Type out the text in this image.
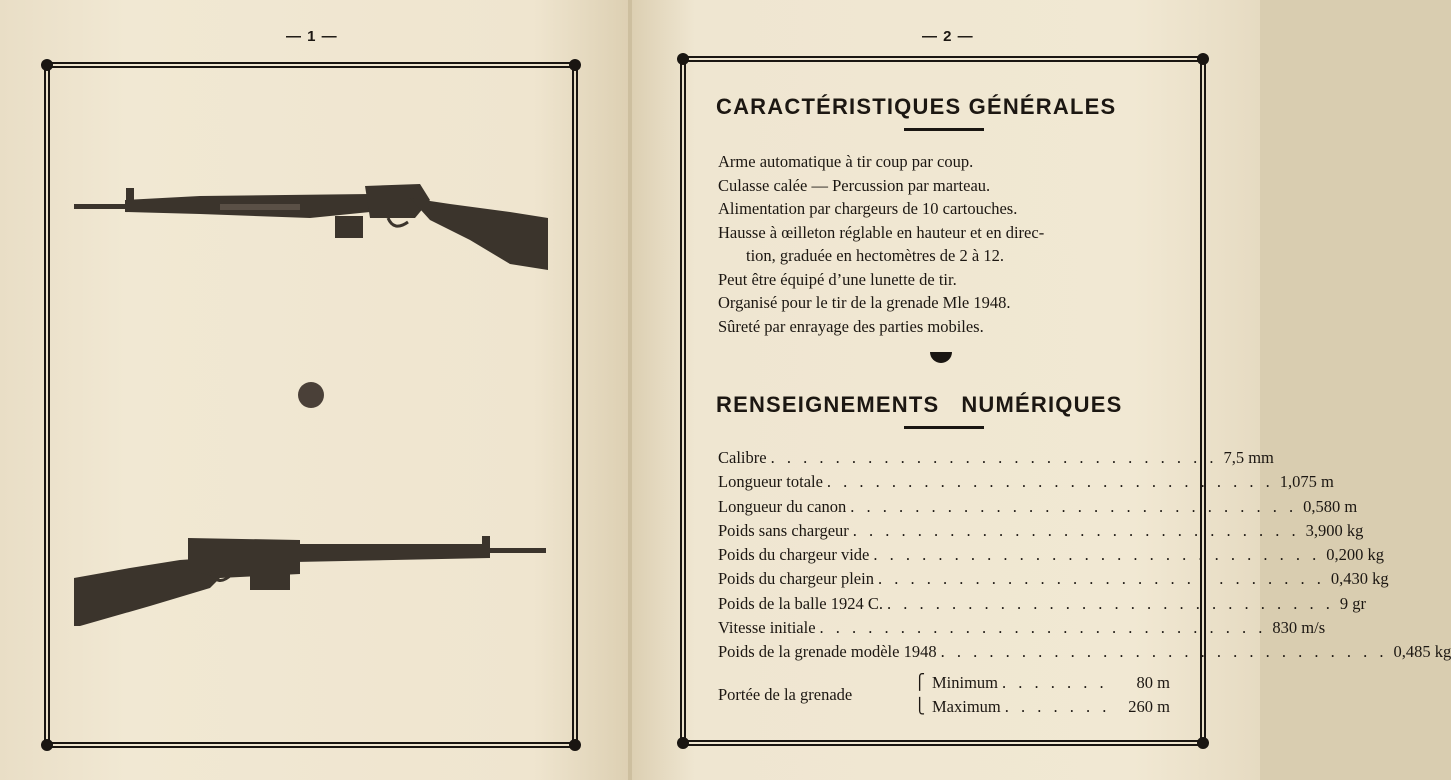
— 1 —
	— 2 —
CARACTÉRISTIQUES GÉNÉRALES
Arme automatique à tir coup par coup.
Culasse calée — Percussion par marteau.
Alimentation par chargeurs de 10 cartouches.
Hausse à œilleton réglable en hauteur et en direc-
tion, graduée en hectomètres de 2 à 12.
Peut être équipé d’une lunette de tir.
Organisé pour le tir de la grenade Mle 1948.
Sûreté par enrayage des parties mobiles.
RENSEIGNEMENTS   NUMÉRIQUES
Calibre . . . . . . . . . . . . . . . . . . . . . . . . . . . . 7,5 mm
Longueur totale . . . . . . . . . . . . . . . . . . . . . . . . . . . . 1,075 m
Longueur du canon . . . . . . . . . . . . . . . . . . . . . . . . . . . . 0,580 m
Poids sans chargeur . . . . . . . . . . . . . . . . . . . . . . . . . . . . 3,900 kg
Poids du chargeur vide . . . . . . . . . . . . . . . . . . . . . . . . . . . . 0,200 kg
Poids du chargeur plein . . . . . . . . . . . . . . . . . . . . . . . . . . . . 0,430 kg
Poids de la balle 1924 C. . . . . . . . . . . . . . . . . . . . . . . . . . . . . 9 gr
Vitesse initiale . . . . . . . . . . . . . . . . . . . . . . . . . . . . 830 m/s
Poids de la grenade modèle 1948 . . . . . . . . . . . . . . . . . . . . . . . . . . . . 0,485 kg
Portée de la grenade
⎧
⎩
Minimum . . . . . . .	80 m
Maximum . . . . . . .	260 m
